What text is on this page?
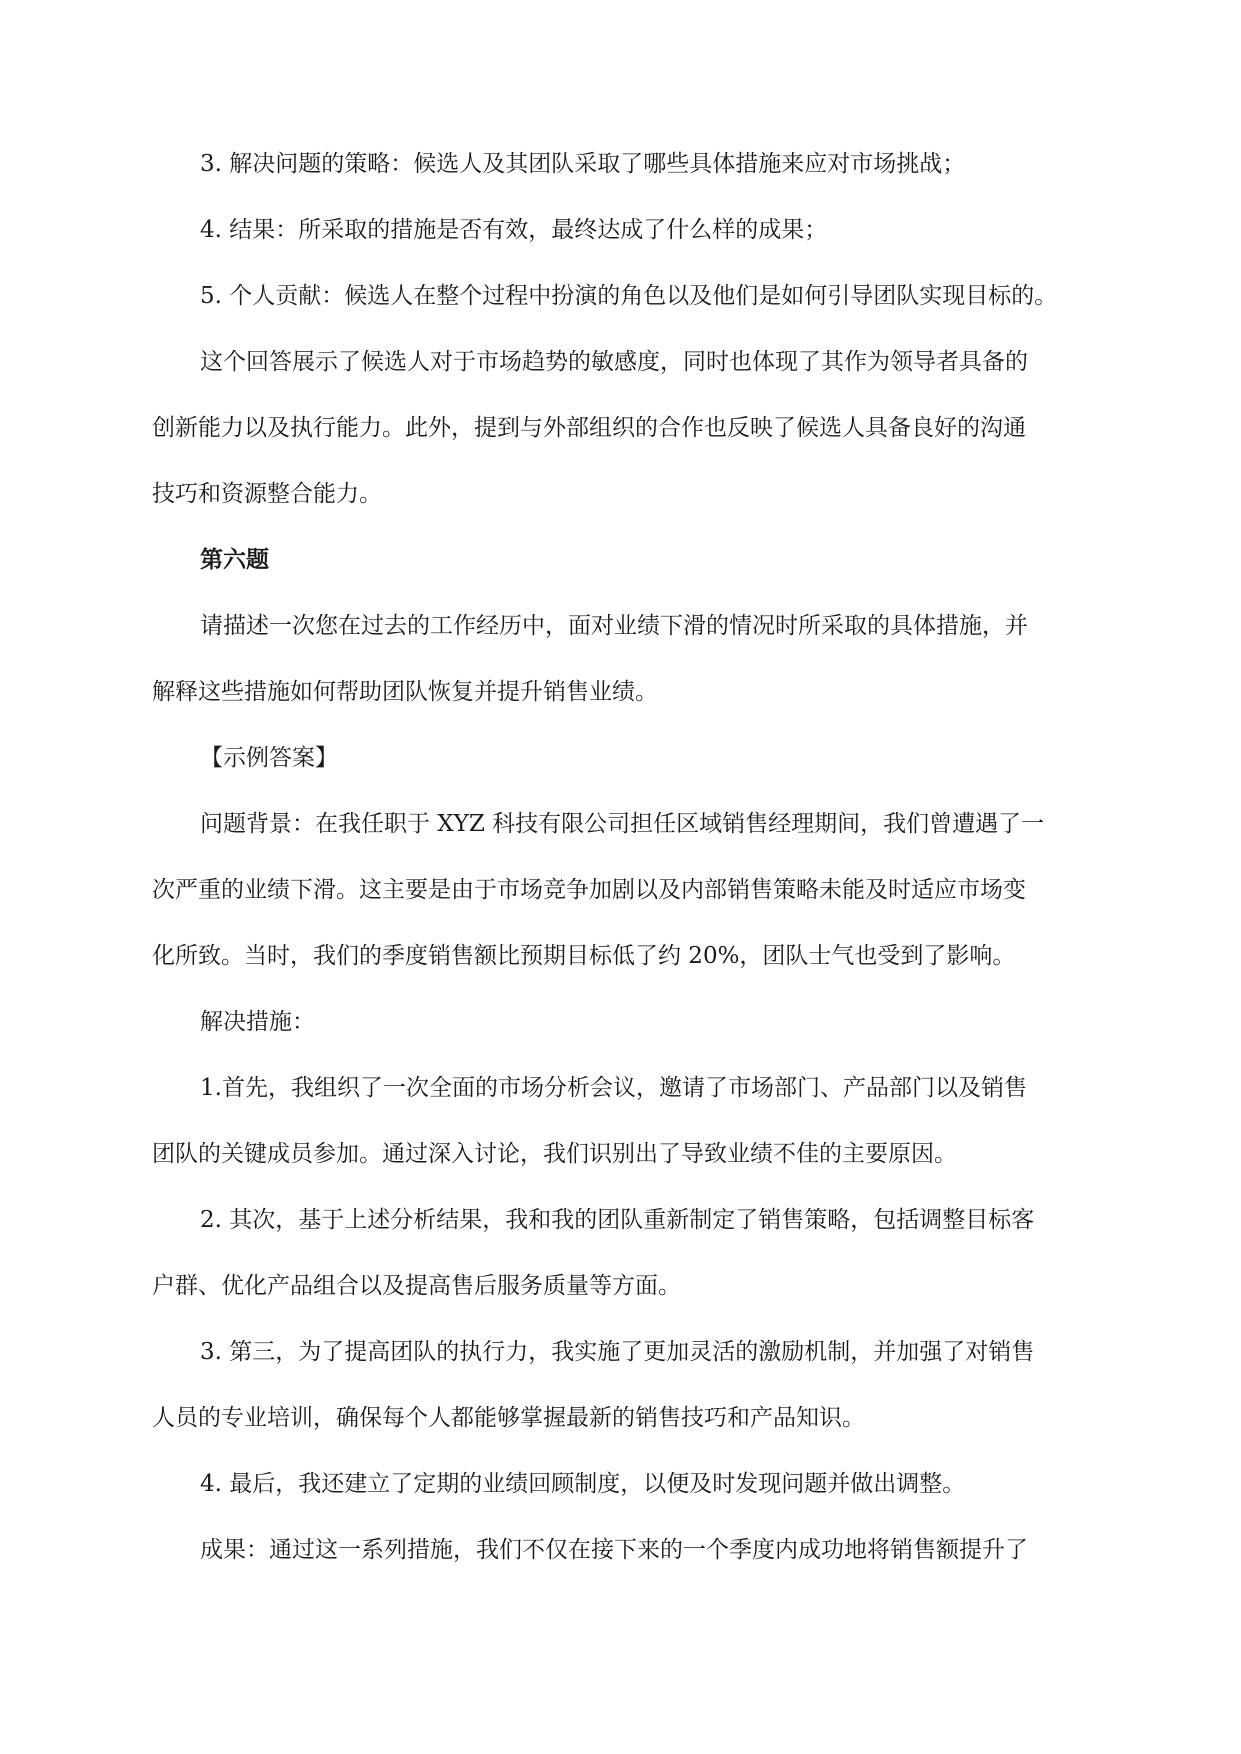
3. 解决问题的策略：候选人及其团队采取了哪些具体措施来应对市场挑战；

4. 结果：所采取的措施是否有效，最终达成了什么样的成果；

5. 个人贡献：候选人在整个过程中扮演的角色以及他们是如何引导团队实现目标的。

这个回答展示了候选人对于市场趋势的敏感度，同时也体现了其作为领导者具备的

创新能力以及执行能力。此外，提到与外部组织的合作也反映了候选人具备良好的沟通

技巧和资源整合能力。

第六题

请描述一次您在过去的工作经历中，面对业绩下滑的情况时所采取的具体措施，并

解释这些措施如何帮助团队恢复并提升销售业绩。

【示例答案】

问题背景：在我任职于 XYZ 科技有限公司担任区域销售经理期间，我们曾遭遇了一

次严重的业绩下滑。这主要是由于市场竞争加剧以及内部销售策略未能及时适应市场变

化所致。当时，我们的季度销售额比预期目标低了约 20%，团队士气也受到了影响。

解决措施：

1.首先，我组织了一次全面的市场分析会议，邀请了市场部门、产品部门以及销售

团队的关键成员参加。通过深入讨论，我们识别出了导致业绩不佳的主要原因。

2. 其次，基于上述分析结果，我和我的团队重新制定了销售策略，包括调整目标客

户群、优化产品组合以及提高售后服务质量等方面。

3. 第三，为了提高团队的执行力，我实施了更加灵活的激励机制，并加强了对销售

人员的专业培训，确保每个人都能够掌握最新的销售技巧和产品知识。

4. 最后，我还建立了定期的业绩回顾制度，以便及时发现问题并做出调整。

成果：通过这一系列措施，我们不仅在接下来的一个季度内成功地将销售额提升了
